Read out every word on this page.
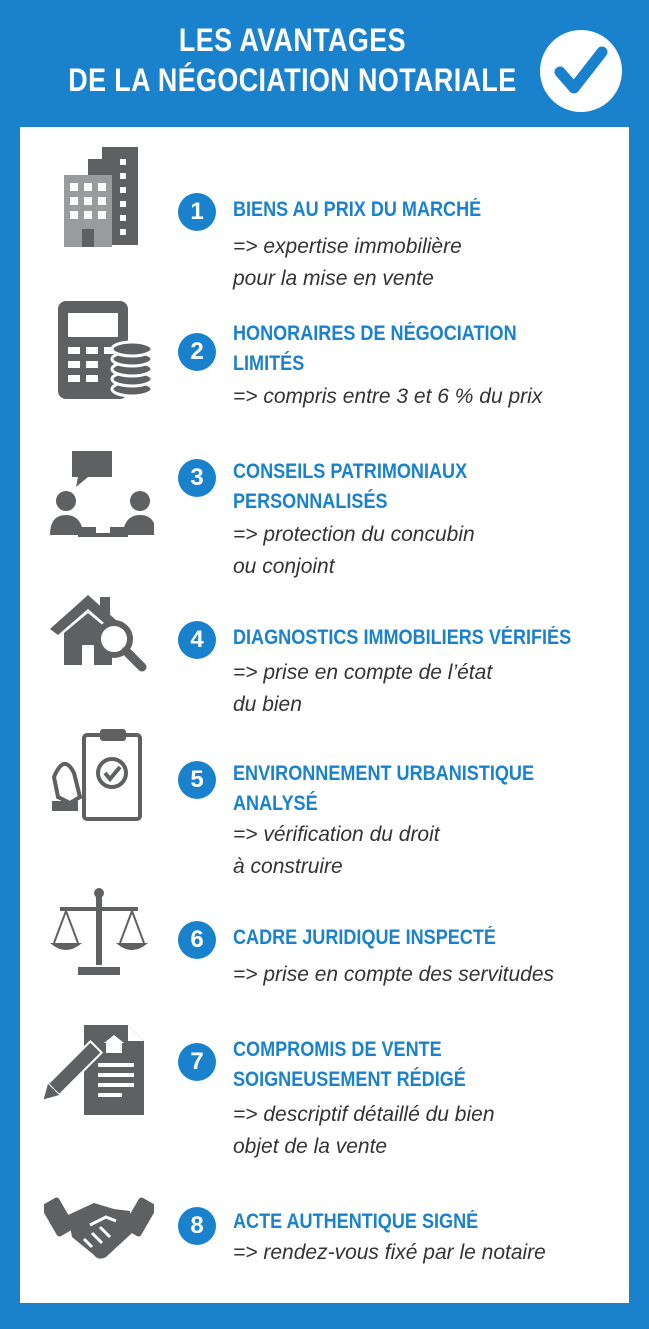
LES AVANTAGES
DE LA NÉGOCIATION NOTARIALE
1	BIENS AU PRIX DU MARCHÉ
=> expertise immobilière
pour la mise en vente
2
HONORAIRES DE NÉGOCIATION LIMITÉS
=> compris entre 3 et 6 % du prix
3	CONSEILS PATRIMONIAUX PERSONNALISÉS
=> protection du concubin
ou conjoint
4	DIAGNOSTICS IMMOBILIERS VÉRIFIÉS
=> prise en compte de l’état
du bien
5	ENVIRONNEMENT URBANISTIQUE ANALYSÉ
=> vérification du droit
à construire
6	CADRE JURIDIQUE INSPECTÉ
=> prise en compte des servitudes
7	COMPROMIS DE VENTE SOIGNEUSEMENT RÉDIGÉ
=> descriptif détaillé du bien
objet de la vente
8	ACTE AUTHENTIQUE SIGNÉ
=> rendez-vous fixé par le notaire
